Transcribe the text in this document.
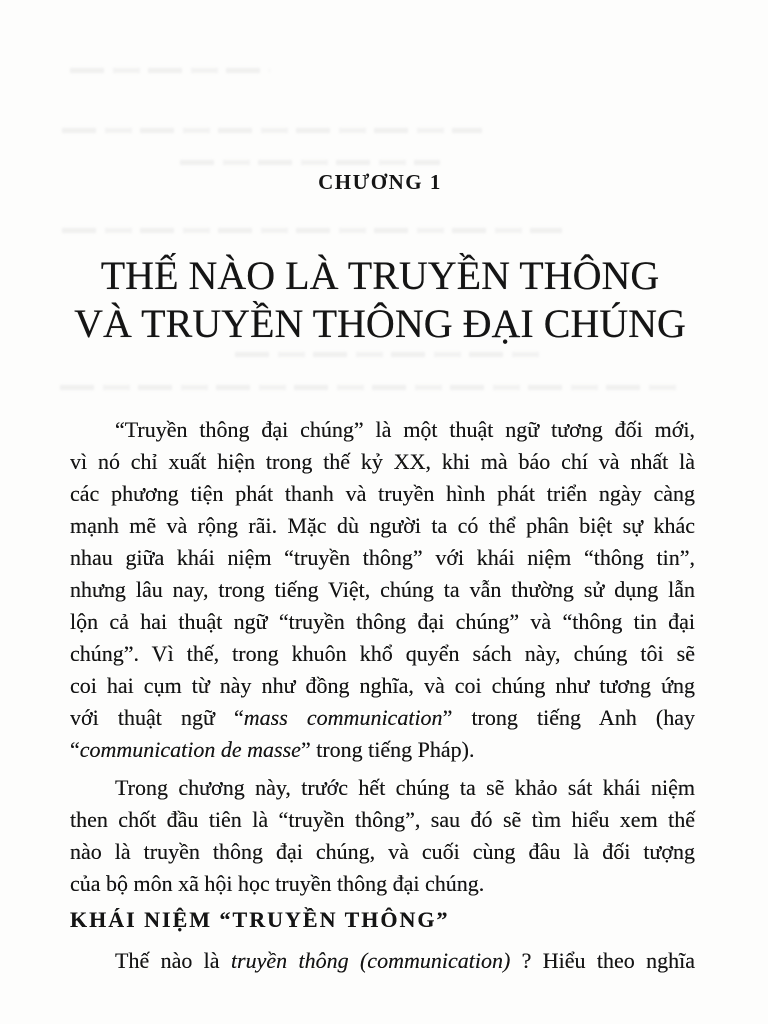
CHƯƠNG 1
THẾ NÀO LÀ TRUYỀN THÔNG
VÀ TRUYỀN THÔNG ĐẠI CHÚNG
“Truyền thông đại chúng” là một thuật ngữ tương đối mới,
vì nó chỉ xuất hiện trong thế kỷ XX, khi mà báo chí và nhất là
các phương tiện phát thanh và truyền hình phát triển ngày càng
mạnh mẽ và rộng rãi. Mặc dù người ta có thể phân biệt sự khác
nhau giữa khái niệm “truyền thông” với khái niệm “thông tin”,
nhưng lâu nay, trong tiếng Việt, chúng ta vẫn thường sử dụng lẫn
lộn cả hai thuật ngữ “truyền thông đại chúng” và “thông tin đại
chúng”. Vì thế, trong khuôn khổ quyển sách này, chúng tôi sẽ
coi hai cụm từ này như đồng nghĩa, và coi chúng như tương ứng
với thuật ngữ “mass communication” trong tiếng Anh (hay
“communication de masse” trong tiếng Pháp).
Trong chương này, trước hết chúng ta sẽ khảo sát khái niệm
then chốt đầu tiên là “truyền thông”, sau đó sẽ tìm hiểu xem thế
nào là truyền thông đại chúng, và cuối cùng đâu là đối tượng
của bộ môn xã hội học truyền thông đại chúng.
KHÁI NIỆM “TRUYỀN THÔNG”
Thế nào là truyền thông (communication) ? Hiểu theo nghĩa
